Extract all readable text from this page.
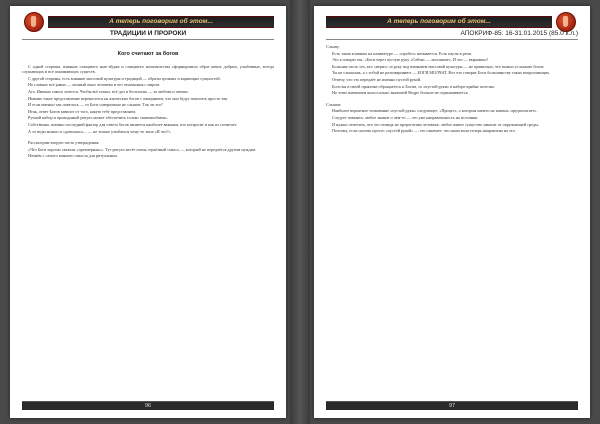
А теперь поговорим об этом...
ТРАДИЦИИ И ПРОРОКИ
Кого считают за богов

С одной стороны, влияние слащавого нью-эйджа и слащавого неоязычества сформировало образ неких добрых, улыбчивых, всегда слушающих и всё понимающих существ.

С другой стороны, есть влияние массовой культуры и традиций — образы грозных и карающих сущностей.

Но главное всё равно — личный опыт человека и его отношения с миром.

Ага. Именно такого хочется. Чтобы всё понял, всё дал и бесплатно — за любовь и свечки.

Именно такое представление переносится на языческих богов с ожиданием, что они будут помогать просто так.

И если именно так повелось — то Боги совершенно не слышат. Так ли это?

Итак, ответ Богов зависит от того, какую тебе представляем.

Ручной набор и проводимый ритуал может обеспечить только «взаимообмен».

Собственно, именно последний фактор для ответа богов является наиболее важным, кто попросит и как их почитает.

А то веды можно и «довольно»... — не только улыбаться чему-то типа «И что?»

Рассмотрим вторую часть утверждения:

«Что Боги хорошо сказали «чрезмерная»». Тут ритуал несёт очень серьёзный смысл, — который не передаётся другим нуждам.

Начнём с самого важного смысла для ритуальных.

96
А теперь поговорим об этом...
АПОКРИФ-85: 16-31.01.2015 (85.0 к.л.)

Слышу.

Есть такая клавиша на клавиатуре — «пробел» называется. Есть паузы в речи.

Это я говорю так: «Боги через пустую руку «Сейчас — молчание». И это — выражено!

Большая часть тех, кто «верит» за руку под влиянием массовой культуры — не правильно, что можно услышать богов.

Ты не слышишь, а с тобой не разговаривают — БОГИ МОЛЧАТ. Вот что говорят Боги большинству таких вопрошающих.

Отвечу, что это передаёт не именно пустой рукой.

Боги вы в своей практике обращаетесь к Богам, то «пустой руки» в наборе крайне полезно.

Но этим значением колоссально значимей Ведро больше не ограничивается.

Слышат.

Наиболее вероятное толкование «пустой руки» следующее: «Процесс, о котором ничего не знаешь, предполагает».

Следует помнить: любое знание о чём-то — это уже направленность на источник.

И нужно отметить, что это отнюдь не прерогатива человека: любое живое существо зависит от окружающей среды.

Поэтому, если сказать просто «пустой рукой» — это означает, что наша воля теперь направлена на это.

97
